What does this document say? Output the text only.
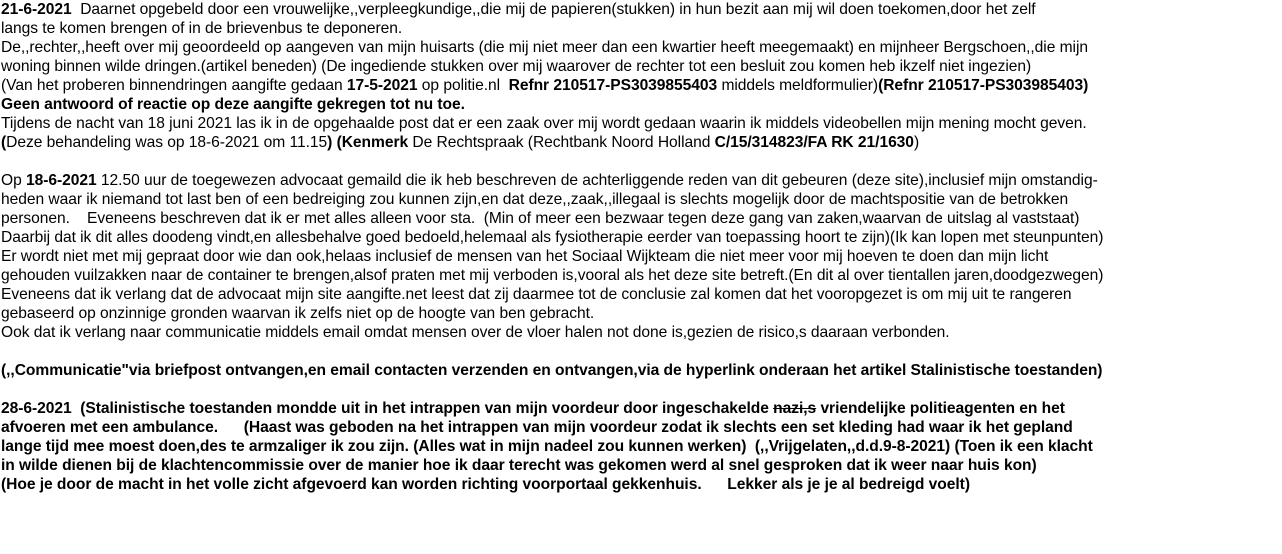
21-6-2021  Daarnet opgebeld door een vrouwelijke,,verpleegkundige,,die mij de papieren(stukken) in hun bezit aan mij wil doen toekomen,door het zelf
langs te komen brengen of in de brievenbus te deponeren.
De,,rechter,,heeft over mij geoordeeld op aangeven van mijn huisarts (die mij niet meer dan een kwartier heeft meegemaakt) en mijnheer Bergschoen,,die mijn
woning binnen wilde dringen.(artikel beneden) (De ingediende stukken over mij waarover de rechter tot een besluit zou komen heb ikzelf niet ingezien)
(Van het proberen binnendringen aangifte gedaan 17-5-2021 op politie.nl  Refnr 210517-PS3039855403 middels meldformulier)(Refnr 210517-PS303985403)
Geen antwoord of reactie op deze aangifte gekregen tot nu toe.
Tijdens de nacht van 18 juni 2021 las ik in de opgehaalde post dat er een zaak over mij wordt gedaan waarin ik middels videobellen mijn mening mocht geven.
(Deze behandeling was op 18-6-2021 om 11.15) (Kenmerk De Rechtspraak (Rechtbank Noord Holland C/15/314823/FA RK 21/1630)
Op 18-6-2021 12.50 uur de toegewezen advocaat gemaild die ik heb beschreven de achterliggende reden van dit gebeuren (deze site),inclusief mijn omstandig-
heden waar ik niemand tot last ben of een bedreiging zou kunnen zijn,en dat deze,,zaak,,illegaal is slechts mogelijk door de machtspositie van de betrokken
personen.    Eveneens beschreven dat ik er met alles alleen voor sta.  (Min of meer een bezwaar tegen deze gang van zaken,waarvan de uitslag al vaststaat)
Daarbij dat ik dit alles doodeng vindt,en allesbehalve goed bedoeld,helemaal als fysiotherapie eerder van toepassing hoort te zijn)(Ik kan lopen met steunpunten)
Er wordt niet met mij gepraat door wie dan ook,helaas inclusief de mensen van het Sociaal Wijkteam die niet meer voor mij hoeven te doen dan mijn licht
gehouden vuilzakken naar de container te brengen,alsof praten met mij verboden is,vooral als het deze site betreft.(En dit al over tientallen jaren,doodgezwegen)
Eveneens dat ik verlang dat de advocaat mijn site aangifte.net leest dat zij daarmee tot de conclusie zal komen dat het vooropgezet is om mij uit te rangeren
gebaseerd op onzinnige gronden waarvan ik zelfs niet op de hoogte van ben gebracht.
Ook dat ik verlang naar communicatie middels email omdat mensen over de vloer halen not done is,gezien de risico,s daaraan verbonden.
(,,Communicatie"via briefpost ontvangen,en email contacten verzenden en ontvangen,via de hyperlink onderaan het artikel Stalinistische toestanden)
28-6-2021  (Stalinistische toestanden mondde uit in het intrappen van mijn voordeur door ingeschakelde nazi,s vriendelijke politieagenten en het
afvoeren met een ambulance.      (Haast was geboden na het intrappen van mijn voordeur zodat ik slechts een set kleding had waar ik het gepland
lange tijd mee moest doen,des te armzaliger ik zou zijn. (Alles wat in mijn nadeel zou kunnen werken)  (,,Vrijgelaten,,d.d.9-8-2021) (Toen ik een klacht
in wilde dienen bij de klachtencommissie over de manier hoe ik daar terecht was gekomen werd al snel gesproken dat ik weer naar huis kon)
(Hoe je door de macht in het volle zicht afgevoerd kan worden richting voorportaal gekkenhuis.      Lekker als je je al bedreigd voelt)
